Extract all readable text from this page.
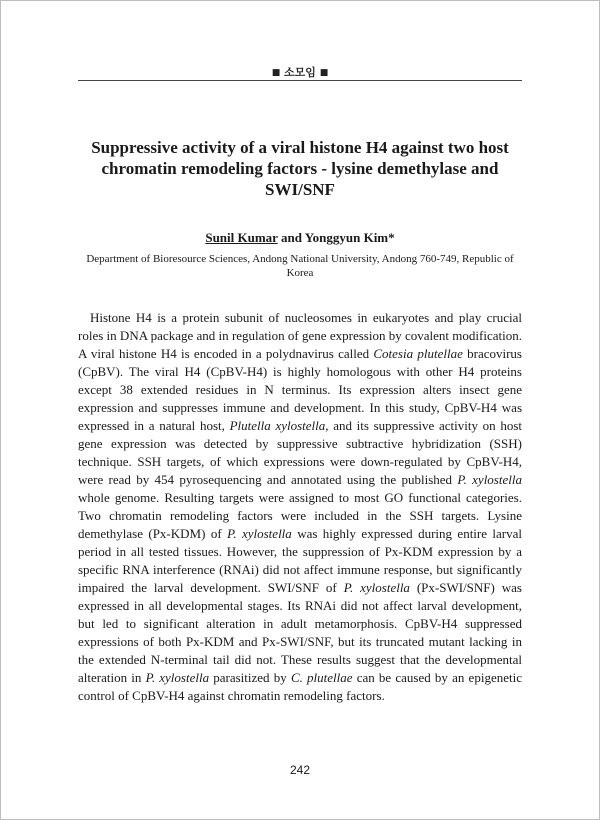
■ 소모임 ■
Suppressive activity of a viral histone H4 against two host chromatin remodeling factors - lysine demethylase and SWI/SNF
Sunil Kumar and Yonggyun Kim*
Department of Bioresource Sciences, Andong National University, Andong 760-749, Republic of Korea

Histone H4 is a protein subunit of nucleosomes in eukaryotes and play crucial roles in DNA package and in regulation of gene expression by covalent modification. A viral histone H4 is encoded in a polydnavirus called Cotesia plutellae bracovirus (CpBV). The viral H4 (CpBV-H4) is highly homologous with other H4 proteins except 38 extended residues in N terminus. Its expression alters insect gene expression and suppresses immune and development. In this study, CpBV-H4 was expressed in a natural host, Plutella xylostella, and its suppressive activity on host gene expression was detected by suppressive subtractive hybridization (SSH) technique. SSH targets, of which expressions were down-regulated by CpBV-H4, were read by 454 pyrosequencing and annotated using the published P. xylostella whole genome. Resulting targets were assigned to most GO functional categories. Two chromatin remodeling factors were included in the SSH targets. Lysine demethylase (Px-KDM) of P. xylostella was highly expressed during entire larval period in all tested tissues. However, the suppression of Px-KDM expression by a specific RNA interference (RNAi) did not affect immune response, but significantly impaired the larval development. SWI/SNF of P. xylostella (Px-SWI/SNF) was expressed in all developmental stages. Its RNAi did not affect larval development, but led to significant alteration in adult metamorphosis. CpBV-H4 suppressed expressions of both Px-KDM and Px-SWI/SNF, but its truncated mutant lacking in the extended N-terminal tail did not. These results suggest that the developmental alteration in P. xylostella parasitized by C. plutellae can be caused by an epigenetic control of CpBV-H4 against chromatin remodeling factors.

242
